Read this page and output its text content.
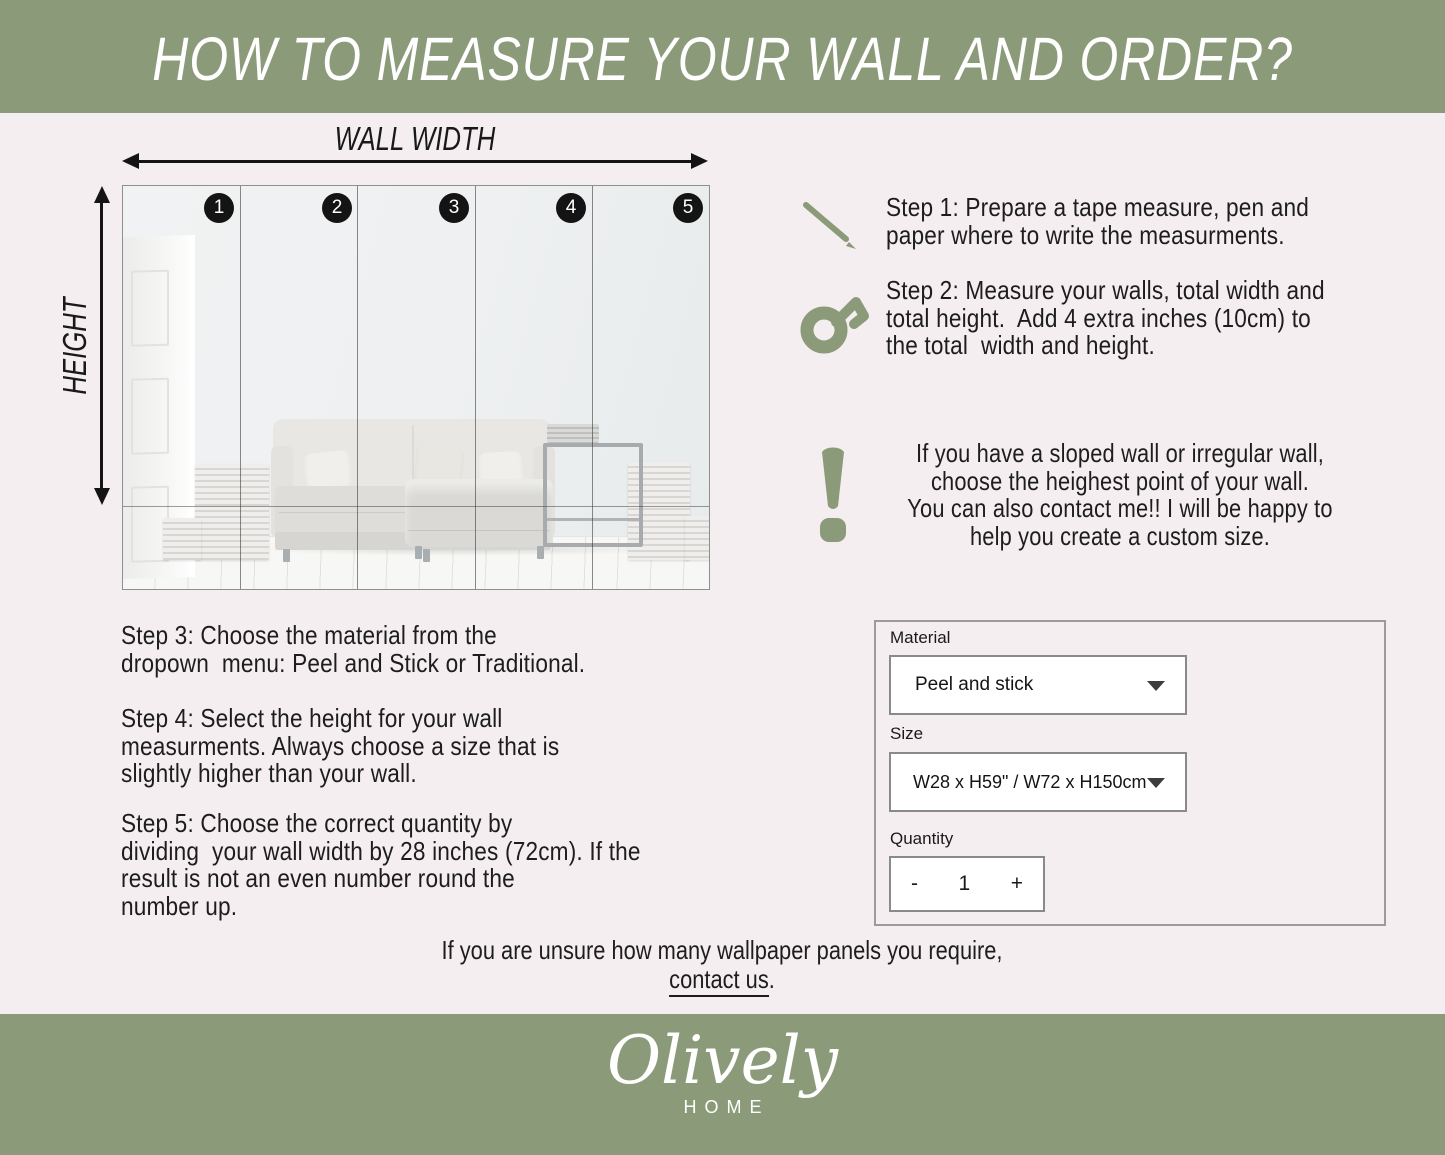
HOW TO MEASURE YOUR WALL AND ORDER?
WALL WIDTH
HEIGHT
1	2	3	4	5	Step 1: Prepare a tape measure, pen and
paper where to write the measurments.
Step 2: Measure your walls, total width and
total height.  Add 4 extra inches (10cm) to
the total  width and height.
If you have a sloped wall or irregular wall,
choose the heighest point of your wall.
You can also contact me!! I will be happy to
help you create a custom size.
Step 3: Choose the material from the
dropown  menu: Peel and Stick or Traditional.
Step 4: Select the height for your wall
measurments. Always choose a size that is
slightly higher than your wall.
Step 5: Choose the correct quantity by
dividing  your wall width by 28 inches (72cm). If the
result is not an even number round the
number up.
Material
Peel and stick
Size
W28 x H59" / W72 x H150cm
Quantity
- 1 +
If you are unsure how many wallpaper panels you require,
contact us.
Olively
HOME
